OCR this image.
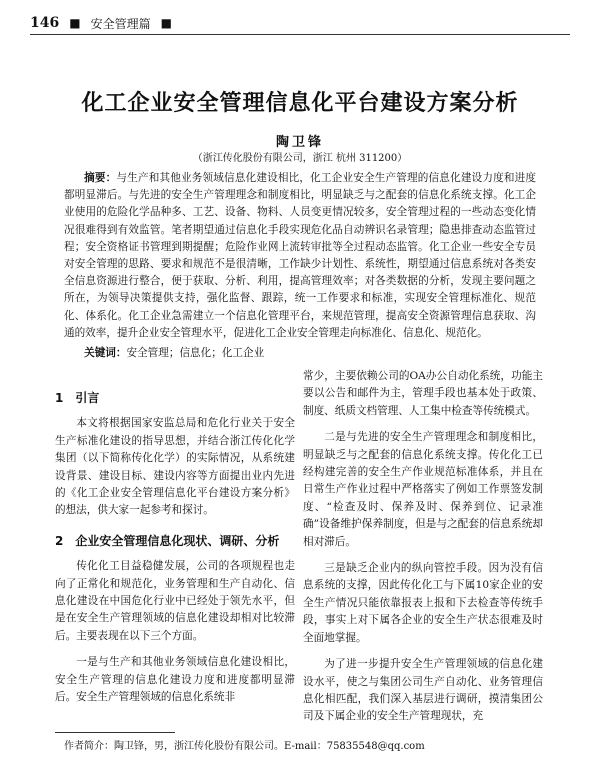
146 ■ 安全管理篇 ■
化工企业安全管理信息化平台建设方案分析
陶卫锋
（浙江传化股份有限公司，浙江 杭州 311200）
摘要：与生产和其他业务领域信息化建设相比，化工企业安全生产管理的信息化建设力度和进度都明显滞后。与先进的安全生产管理理念和制度相比，明显缺乏与之配套的信息化系统支撑。化工企业使用的危险化学品种多、工艺、设备、物料、人员变更情况较多，安全管理过程的一些动态变化情况很难得到有效监管。笔者期望通过信息化手段实现危化品自动辨识名录管理；隐患排查动态监管过程；安全资格证书管理到期提醒；危险作业网上流转审批等全过程动态监管。化工企业一些安全专员对安全管理的思路、要求和规范不是很清晰，工作缺少计划性、系统性，期望通过信息系统对各类安全信息资源进行整合，便于获取、分析、利用，提高管理效率；对各类数据的分析，发现主要问题之所在，为领导决策提供支持，强化监督、跟踪，统一工作要求和标准，实现安全管理标准化、规范化、体系化。化工企业急需建立一个信息化管理平台，来规范管理，提高安全资源管理信息获取、沟通的效率，提升企业安全管理水平，促进化工企业安全管理走向标准化、信息化、规范化。
关键词：安全管理；信息化；化工企业
1　引言

本文将根据国家安监总局和危化行业关于安全生产标准化建设的指导思想，并结合浙江传化化学集团（以下简称传化化学）的实际情况，从系统建设背景、建设目标、建设内容等方面提出业内先进的《化工企业安全管理信息化平台建设方案分析》的想法，供大家一起参考和探讨。

2　企业安全管理信息化现状、调研、分析

传化化工目益稳健发展，公司的各项规程也走向了正常化和规范化，业务管理和生产自动化、信息化建设在中国危化行业中已经处于领先水平，但是在安全生产管理领域的信息化建设却相对比较滞后。主要表现在以下三个方面。

一是与生产和其他业务领域信息化建设相比，安全生产管理的信息化建设力度和进度都明显滞后。安全生产管理领域的信息化系统非

常少，主要依赖公司的OA办公自动化系统，功能主要以公告和邮件为主，管理手段也基本处于政策、制度、纸质文档管理、人工集中检查等传统模式。

二是与先进的安全生产管理理念和制度相比，明显缺乏与之配套的信息化系统支撑。传化化工已经构建完善的安全生产作业规范标准体系，并且在日常生产作业过程中严格落实了例如工作票签发制度、“检查及时、保养及时、保养到位、记录准确”设备维护保养制度，但是与之配套的信息系统却相对滞后。

三是缺乏企业内的纵向管控手段。因为没有信息系统的支撑，因此传化化工与下属10家企业的安全生产情况只能依靠报表上报和下去检查等传统手段，事实上对下属各企业的安全生产状态很难及时全面地掌握。

为了进一步提升安全生产管理领域的信息化建设水平，使之与集团公司生产自动化、业务管理信息化相匹配，我们深入基层进行调研，摸清集团公司及下属企业的安全生产管理现状，充

作者简介：陶卫锋，男，浙江传化股份有限公司。E-mail：75835548@qq.com
